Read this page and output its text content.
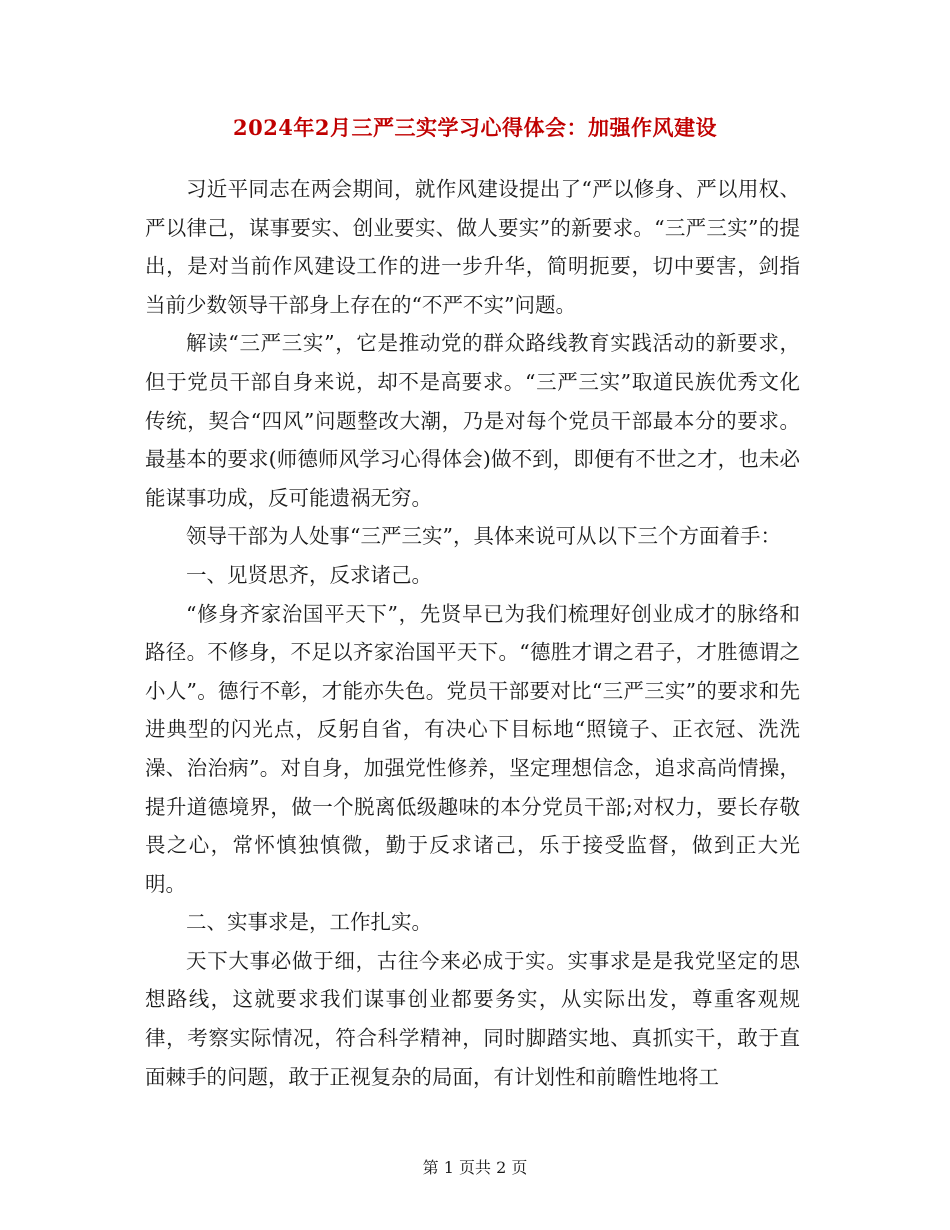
2024年2月三严三实学习心得体会：加强作风建设

习近平同志在两会期间，就作风建设提出了“严以修身、严以用权、严以律己，谋事要实、创业要实、做人要实”的新要求。“三严三实”的提出，是对当前作风建设工作的进一步升华，简明扼要，切中要害，剑指当前少数领导干部身上存在的“不严不实”问题。

解读“三严三实”，它是推动党的群众路线教育实践活动的新要求，但于党员干部自身来说，却不是高要求。“三严三实”取道民族优秀文化传统，契合“四风”问题整改大潮，乃是对每个党员干部最本分的要求。最基本的要求(师德师风学习心得体会)做不到，即便有不世之才，也未必能谋事功成，反可能遗祸无穷。

领导干部为人处事“三严三实”，具体来说可从以下三个方面着手：

一、见贤思齐，反求诸己。

“修身齐家治国平天下”，先贤早已为我们梳理好创业成才的脉络和路径。不修身，不足以齐家治国平天下。“德胜才谓之君子，才胜德谓之小人”。德行不彰，才能亦失色。党员干部要对比“三严三实”的要求和先进典型的闪光点，反躬自省，有决心下目标地“照镜子、正衣冠、洗洗澡、治治病”。对自身，加强党性修养，坚定理想信念，追求高尚情操，提升道德境界，做一个脱离低级趣味的本分党员干部;对权力，要长存敬畏之心，常怀慎独慎微，勤于反求诸己，乐于接受监督，做到正大光明。

二、实事求是，工作扎实。

天下大事必做于细，古往今来必成于实。实事求是是我党坚定的思想路线，这就要求我们谋事创业都要务实，从实际出发，尊重客观规律，考察实际情况，符合科学精神，同时脚踏实地、真抓实干，敢于直面棘手的问题，敢于正视复杂的局面，有计划性和前瞻性地将工

第 1 页共 2 页
